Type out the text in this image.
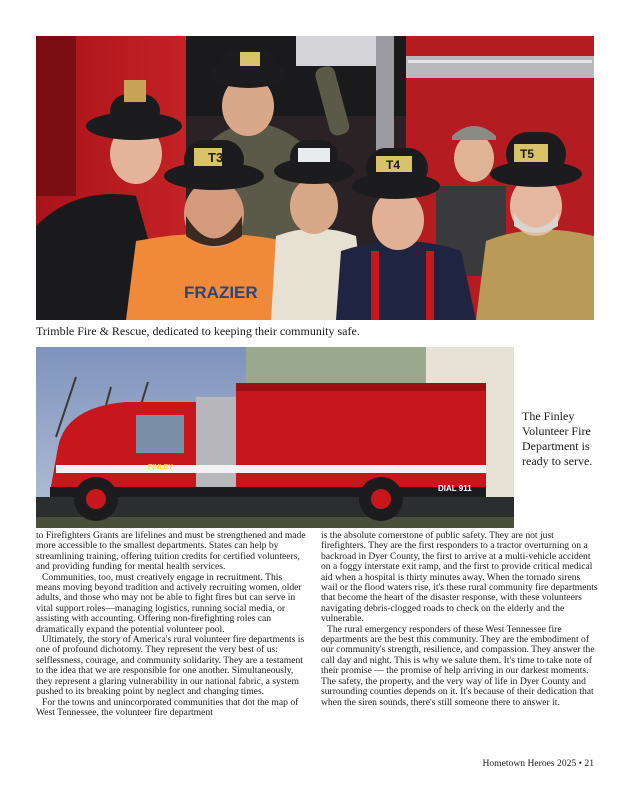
T3
FRAZIER
T4
T5
Trimble Fire & Rescue, dedicated to keeping their community safe.
FINLEY
DIAL 911
The Finley Volunteer Fire Department is ready to serve.

to Firefighters Grants are lifelines and must be strengthened and made more accessible to the smallest departments. States can help by streamlining training, offering tuition credits for certified volunteers, and providing funding for mental health services.

Communities, too, must creatively engage in recruitment. This means moving beyond tradition and actively recruiting women, older adults, and those who may not be able to fight fires but can serve in vital support roles—managing logistics, running social media, or assisting with accounting. Offering non-firefighting roles can dramatically expand the potential volunteer pool.

Ultimately, the story of America's rural volunteer fire departments is one of profound dichotomy. They represent the very best of us: selflessness, courage, and community solidarity. They are a testament to the idea that we are responsible for one another. Simultaneously, they represent a glaring vulnerability in our national fabric, a system pushed to its breaking point by neglect and changing times.

For the towns and unincorporated communities that dot the map of West Tennessee, the volunteer fire department

is the absolute cornerstone of public safety. They are not just firefighters. They are the first responders to a tractor overturning on a backroad in Dyer County, the first to arrive at a multi-vehicle accident on a foggy interstate exit ramp, and the first to provide critical medical aid when a hospital is thirty minutes away. When the tornado sirens wail or the flood waters rise, it's these rural community fire departments that become the heart of the disaster response, with these volunteers navigating debris-clogged roads to check on the elderly and the vulnerable.

The rural emergency responders of these West Tennessee fire departments are the best this community. They are the embodiment of our community's strength, resilience, and compassion. They answer the call day and night. This is why we salute them. It's time to take note of their promise — the promise of help arriving in our darkest moments. The safety, the property, and the very way of life in Dyer County and surrounding counties depends on it. It's because of their dedication that when the siren sounds, there's still someone there to answer it.

Hometown Heroes 2025 • 21
